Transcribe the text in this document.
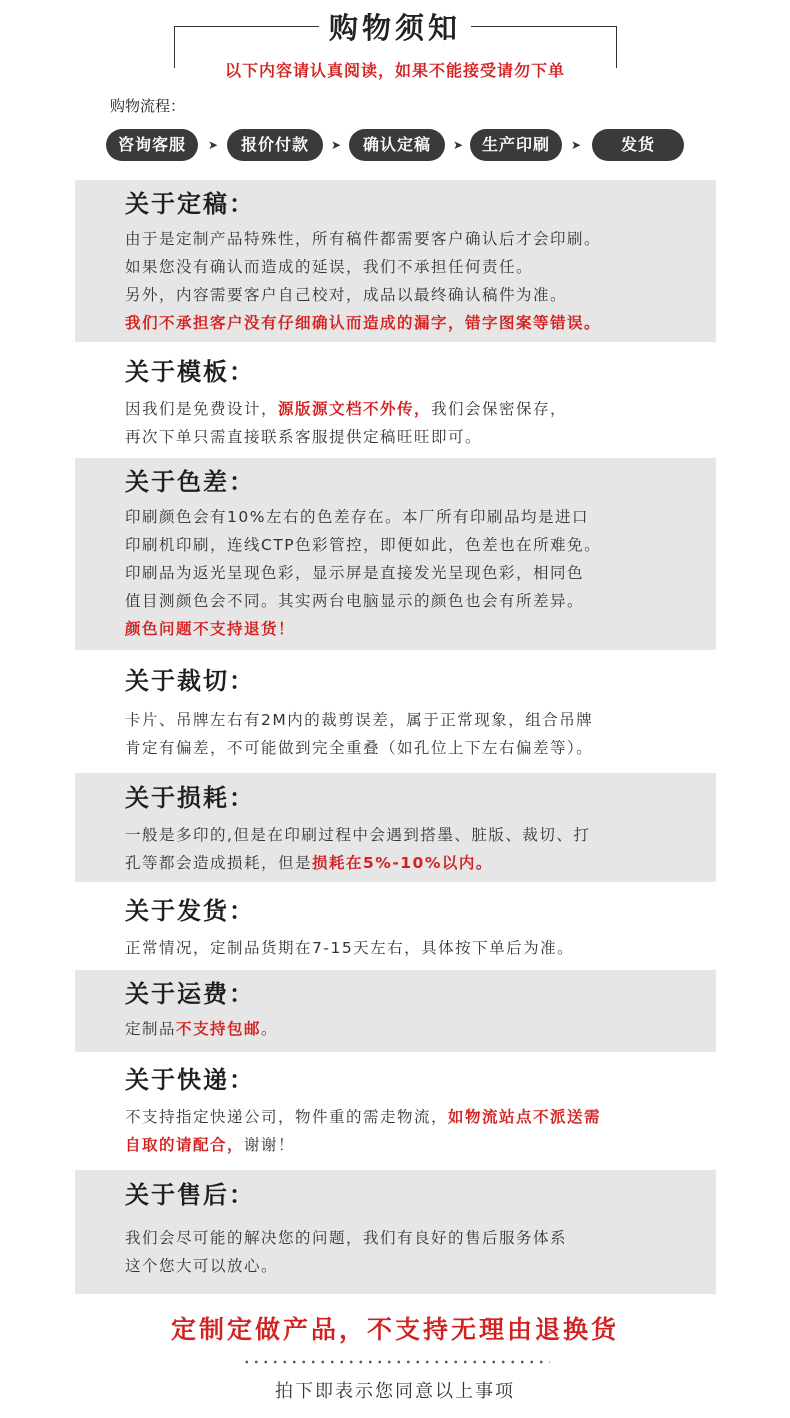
购物须知
以下内容请认真阅读，如果不能接受请勿下单
购物流程：
咨询客服	➤	报价付款	➤	确认定稿	➤	生产印刷	➤	发货
关于定稿：
由于是定制产品特殊性，所有稿件都需要客户确认后才会印刷。
如果您没有确认而造成的延误，我们不承担任何责任。
另外，内容需要客户自己校对，成品以最终确认稿件为准。
我们不承担客户没有仔细确认而造成的漏字，错字图案等错误。
关于模板：
因我们是免费设计，源版源文档不外传，我们会保密保存，
再次下单只需直接联系客服提供定稿旺旺即可。
关于色差：
印刷颜色会有10%左右的色差存在。本厂所有印刷品均是进口
印刷机印刷，连线CTP色彩管控，即便如此，色差也在所难免。
印刷品为返光呈现色彩，显示屏是直接发光呈现色彩，相同色
值目测颜色会不同。其实两台电脑显示的颜色也会有所差异。
颜色问题不支持退货！
关于裁切：
卡片、吊牌左右有2M内的裁剪误差，属于正常现象，组合吊牌
肯定有偏差，不可能做到完全重叠（如孔位上下左右偏差等）。
关于损耗：
一般是多印的,但是在印刷过程中会遇到搭墨、脏版、裁切、打
孔等都会造成损耗，但是损耗在5%-10%以内。
关于发货：
正常情况，定制品货期在7-15天左右，具体按下单后为准。
关于运费：
定制品不支持包邮。
关于快递：
不支持指定快递公司，物件重的需走物流，如物流站点不派送需
自取的请配合，谢谢！
关于售后：
我们会尽可能的解决您的问题，我们有良好的售后服务体系
这个您大可以放心。
定制定做产品，不支持无理由退换货
拍下即表示您同意以上事项
